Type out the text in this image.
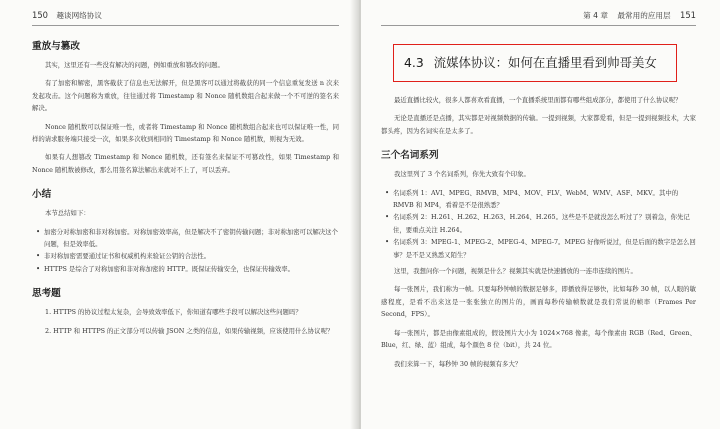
150 趣谈网络协议
重放与篡改

其实，这里还有一些没有解决的问题，例如重放和篡改的问题。

有了加密和解密，黑客截获了信息也无法解开，但是黑客可以通过将截获的同一个信息重复发送 n 次来发起攻击。这个问题称为重放，往往通过将 Timestamp 和 Nonce 随机数组合起来做一个不可逆的签名来解决。

Nonce 随机数可以保证唯一性，或者将 Timestamp 和 Nonce 随机数组合起来也可以保证唯一性，同样的请求服务端只接受一次，如果多次收到相同的 Timestamp 和 Nonce 随机数，则视为无效。

如果有人想篡改 Timestamp 和 Nonce 随机数，还有签名来保证不可篡改性，如果 Timestamp 和 Nonce 随机数被修改，那么用签名算法解出来就对不上了，可以丢弃。

小结

本节总结如下：

• 加密分对称加密和非对称加密。对称加密效率高，但是解决不了密钥传输问题；非对称加密可以解决这个问题，但是效率低。
• 非对称加密需要通过证书和权威机构来验证公钥的合法性。
• HTTPS 是综合了对称加密和非对称加密的 HTTP。既保证传输安全，也保证传输效率。
思考题
1. HTTPS 的协议过程太复杂，会导致效率低下，你知道有哪些手段可以解决这些问题吗？
2. HTTP 和 HTTPS 的正文部分可以传输 JSON 之类的信息，如果传输视频，应该使用什么协议呢？
第 4 章 最常用的应用层 151
4.3 流媒体协议：如何在直播里看到帅哥美女

最近直播比较火，很多人都喜欢看直播，一个直播系统里面都有哪些组成部分，都使用了什么协议呢？

无论是直播还是点播，其实都是对视频数据的传输。一提到视频，大家都爱看，但是一提到视频技术，大家都头疼，因为名词实在是太多了。

三个名词系列

我这里列了 3 个名词系列，你先大致有个印象。

• 名词系列 1：AVI、MPEG、RMVB、MP4、MOV、FLV、WebM、WMV、ASF、MKV。其中的 RMVB 和 MP4，看着是不是很熟悉？
• 名词系列 2：H.261、H.262、H.263、H.264、H.265。这些是不是就没怎么听过了？别着急，你先记住，要重点关注 H.264。
• 名词系列 3：MPEG-1、MPEG-2、MPEG-4、MPEG-7。MPEG 好像听说过，但是后面的数字是怎么回事？是不是又熟悉又陌生？

这里，我想问你一个问题，视频是什么？视频其实就是快速播放的一连串连续的图片。

每一张图片，我们称为一帧。只要每秒钟帧的数据足够多，即播放得足够快，比如每秒 30 帧，以人眼的敏感程度，是看不出来这是一张张独立的图片的，画面每秒传输帧数就是我们常说的帧率（Frames Per Second，FPS）。

每一张图片，都是由像素组成的，假设图片大小为 1024×768 像素，每个像素由 RGB（Red、Green、Blue，红、绿、蓝）组成，每个颜色 8 位（bit），共 24 位。

我们来算一下，每秒钟 30 帧的视频有多大？
